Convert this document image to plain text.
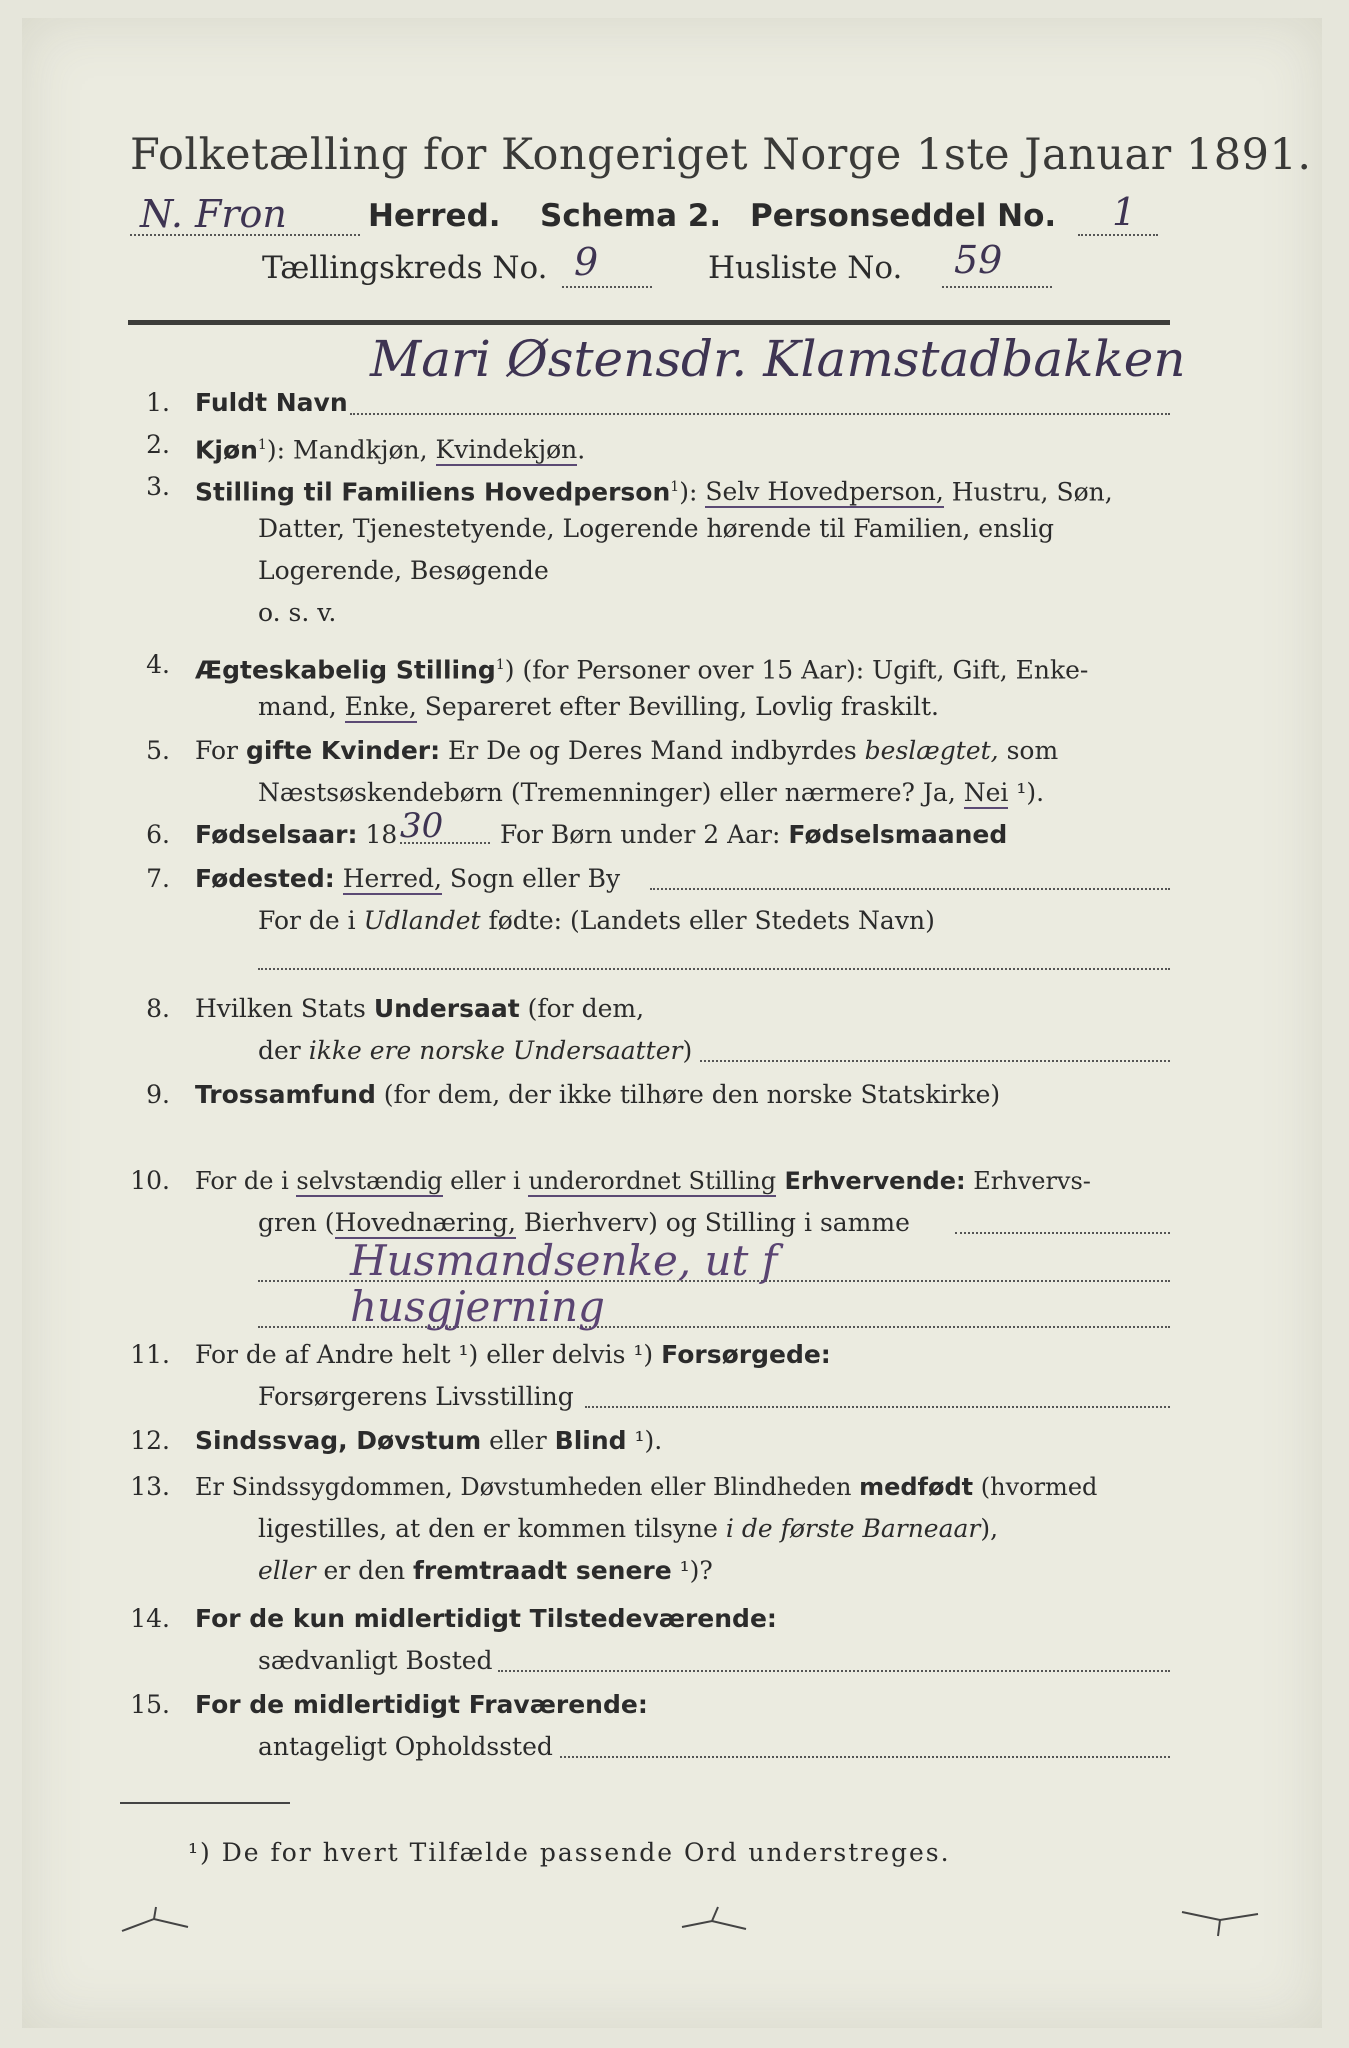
Folketælling for Kongeriget Norge 1ste Januar 1891.
N. Fron	Herred. Schema 2. Personseddel No. 1
Tællingskreds No. 9	Husliste No. 59
1. Fuldt Navn
Mari Østensdr. Klamstadbakken
2. Kjøn$^1$): Mandkjøn, Kvindekjøn.
3. Stilling til Familiens Hovedperson$^1$): Selv Hovedperson, Hustru, Søn,
Datter, Tjenestetyende, Logerende hørende til Familien, enslig
Logerende, Besøgende
o. s. v.
4. Ægteskabelig Stilling$^1$) (for Personer over 15 Aar): Ugift, Gift, Enke-
mand, Enke, Separeret efter Bevilling, Lovlig fraskilt.
5. For gifte Kvinder: Er De og Deres Mand indbyrdes beslægtet, som
Næstsøskendebørn (Tremenninger) eller nærmere? Ja, Nei ¹).
6. Fødselsaar: 18 30 For Børn under 2 Aar: Fødselsmaaned
7. Fødested: Herred, Sogn eller By
For de i Udlandet fødte: (Landets eller Stedets Navn)
8. Hvilken Stats Undersaat (for dem,
der ikke ere norske Undersaatter)
9. Trossamfund (for dem, der ikke tilhøre den norske Statskirke)
10. For de i selvstændig eller i underordnet Stilling Erhvervende: Erhvervs-
gren (Hovednæring, Bierhverv) og Stilling i samme
Husmandsenke, ut f
husgjerning
11. For de af Andre helt ¹) eller delvis ¹) Forsørgede:
Forsørgerens Livsstilling
12. Sindssvag, Døvstum eller Blind ¹).
13. Er Sindssygdommen, Døvstumheden eller Blindheden medfødt (hvormed
ligestilles, at den er kommen tilsyne i de første Barneaar),
eller er den fremtraadt senere ¹)?
14. For de kun midlertidigt Tilstedeværende:
sædvanligt Bosted
15. For de midlertidigt Fraværende:
antageligt Opholdssted
¹) De for hvert Tilfælde passende Ord understreges.
